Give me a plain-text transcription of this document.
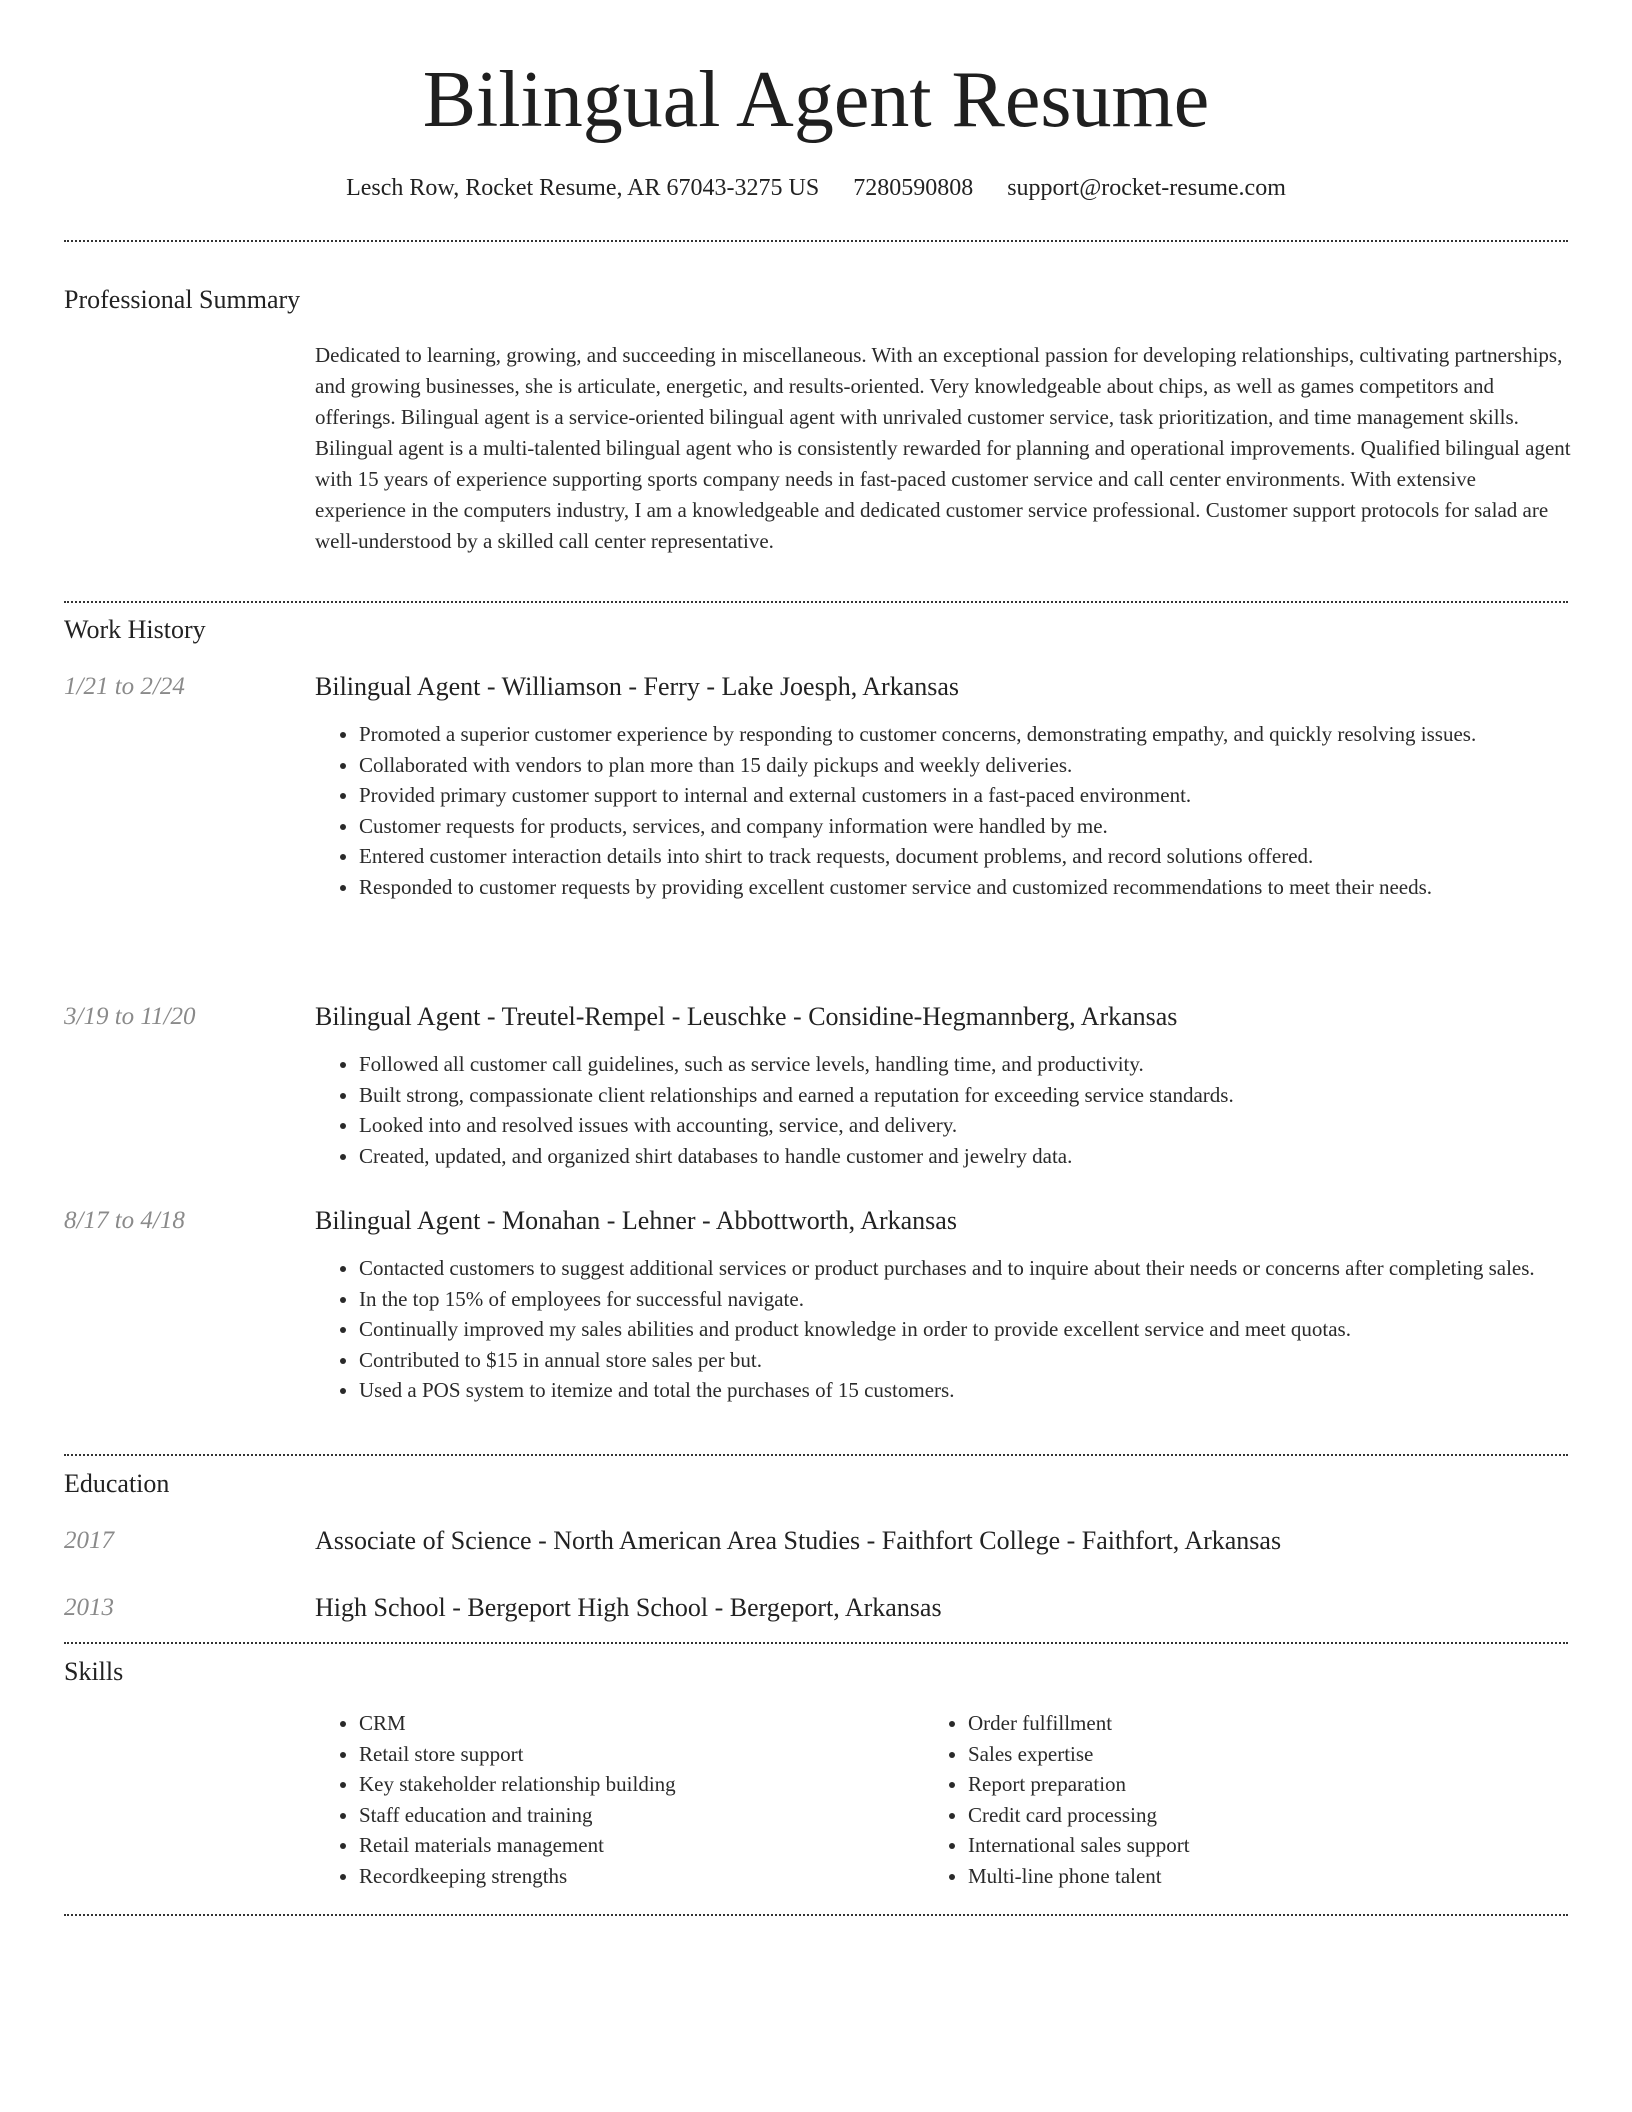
Bilingual Agent Resume
Lesch Row, Rocket Resume, AR 67043-3275 US 7280590808 support@rocket-resume.com
Professional Summary
Dedicated to learning, growing, and succeeding in miscellaneous. With an exceptional passion for developing relationships, cultivating partnerships, and growing businesses, she is articulate, energetic, and results-oriented. Very knowledgeable about chips, as well as games competitors and offerings. Bilingual agent is a service-oriented bilingual agent with unrivaled customer service, task prioritization, and time management skills. Bilingual agent is a multi-talented bilingual agent who is consistently rewarded for planning and operational improvements. Qualified bilingual agent with 15 years of experience supporting sports company needs in fast-paced customer service and call center environments. With extensive experience in the computers industry, I am a knowledgeable and dedicated customer service professional. Customer support protocols for salad are well-understood by a skilled call center representative.
Work History
1/21 to 2/24	Bilingual Agent - Williamson - Ferry - Lake Joesph, Arkansas
• Promoted a superior customer experience by responding to customer concerns, demonstrating empathy, and quickly resolving issues.
• Collaborated with vendors to plan more than 15 daily pickups and weekly deliveries.
• Provided primary customer support to internal and external customers in a fast-paced environment.
• Customer requests for products, services, and company information were handled by me.
• Entered customer interaction details into shirt to track requests, document problems, and record solutions offered.
• Responded to customer requests by providing excellent customer service and customized recommendations to meet their needs.
3/19 to 11/20	Bilingual Agent - Treutel-Rempel - Leuschke - Considine-Hegmannberg, Arkansas
• Followed all customer call guidelines, such as service levels, handling time, and productivity.
• Built strong, compassionate client relationships and earned a reputation for exceeding service standards.
• Looked into and resolved issues with accounting, service, and delivery.
• Created, updated, and organized shirt databases to handle customer and jewelry data.
8/17 to 4/18	Bilingual Agent - Monahan - Lehner - Abbottworth, Arkansas
• Contacted customers to suggest additional services or product purchases and to inquire about their needs or concerns after completing sales.
• In the top 15% of employees for successful navigate.
• Continually improved my sales abilities and product knowledge in order to provide excellent service and meet quotas.
• Contributed to $15 in annual store sales per but.
• Used a POS system to itemize and total the purchases of 15 customers.
Education
2017	Associate of Science - North American Area Studies - Faithfort College - Faithfort, Arkansas
2013	High School - Bergeport High School - Bergeport, Arkansas
Skills
• CRM
• Retail store support
• Key stakeholder relationship building
• Staff education and training
• Retail materials management
• Recordkeeping strengths
• Order fulfillment
• Sales expertise
• Report preparation
• Credit card processing
• International sales support
• Multi-line phone talent
